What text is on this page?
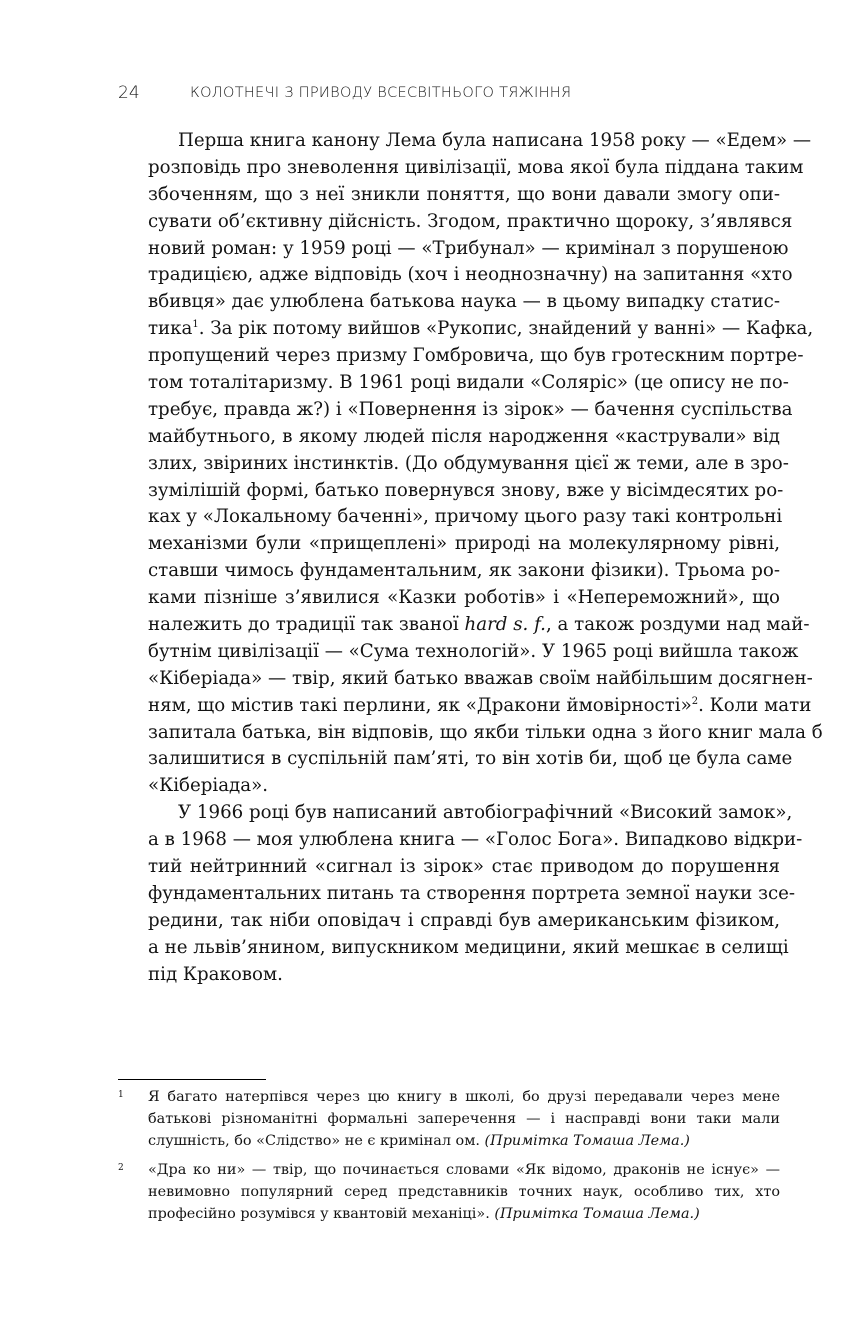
24	КОЛОТНЕЧІ З ПРИВОДУ ВСЕСВІТНЬОГО ТЯЖІННЯ

Перша книга канону Лема була написана 1958 року — «Едем» —
розповідь про зневолення цивілізації, мова якої була піддана таким
збоченням, що з неї зникли поняття, що вони давали змогу опи-
сувати об’єктивну дійсність. Згодом, практично щороку, з’являвся
новий роман: у 1959 році — «Трибунал» — кримінал з порушеною
традицією, адже відповідь (хоч і неоднозначну) на запитання «хто
вбивця» дає улюблена батькова наука — в цьому випадку статис-
тика$^1$. За рік потому вийшов «Рукопис, знайдений у ванні» — Кафка,
пропущений через призму Гомбровича, що був гротескним портре-
том тоталітаризму. В 1961 році видали «Соляріс» (це опису не по-
требує, правда ж?) і «Повернення із зірок» — бачення суспільства
майбутнього, в якому людей після народження «кастрували» від
злих, звіриних інстинктів. (До обдумування цієї ж теми, але в зро-
зумілішій формі, батько повернувся знову, вже у вісімдесятих ро-
ках у «Локальному баченні», причому цього разу такі контрольні
механізми були «прищеплені» природі на молекулярному рівні,
ставши чимось фундаментальним, як закони фізики). Трьома ро-
ками пізніше з’явилися «Казки роботів» і «Непереможний», що
належить до традиції так званої hard s. f., а також роздуми над май-
бутнім цивілізації — «Сума технологій». У 1965 році вийшла також
«Кіберіада» — твір, який батько вважав своїм найбільшим досягнен-
ням, що містив такі перлини, як «Дракони ймовірності»$^2$. Коли мати
запитала батька, він відповів, що якби тільки одна з його книг мала б
залишитися в суспільній пам’яті, то він хотів би, щоб це була саме
«Кіберіада».

У 1966 році був написаний автобіографічний «Високий замок»,
а в 1968 — моя улюблена книга — «Голос Бога». Випадково відкри-
тий нейтринний «сигнал із зірок» стає приводом до порушення
фундаментальних питань та створення портрета земної науки зсе-
редини, так ніби оповідач і справді був американським фізиком,
а не львів’янином, випускником медицини, який мешкає в селищі
під Краковом.

1 Я багато натерпівся через цю книгу в школі, бо друзі передавали через мене
батькові різноманітні формальні заперечення — і насправді вони таки мали
слушність, бо «Слідство» не є кримінал ом. (Примітка Томаша Лема.)
2 «Дра ко ни» — твір, що починається словами «Як відомо, драконів не існує» —
невимовно популярний серед представників точних наук, особливо тих, хто
професійно розумівся у квантовій механіці». (Примітка Томаша Лема.)
